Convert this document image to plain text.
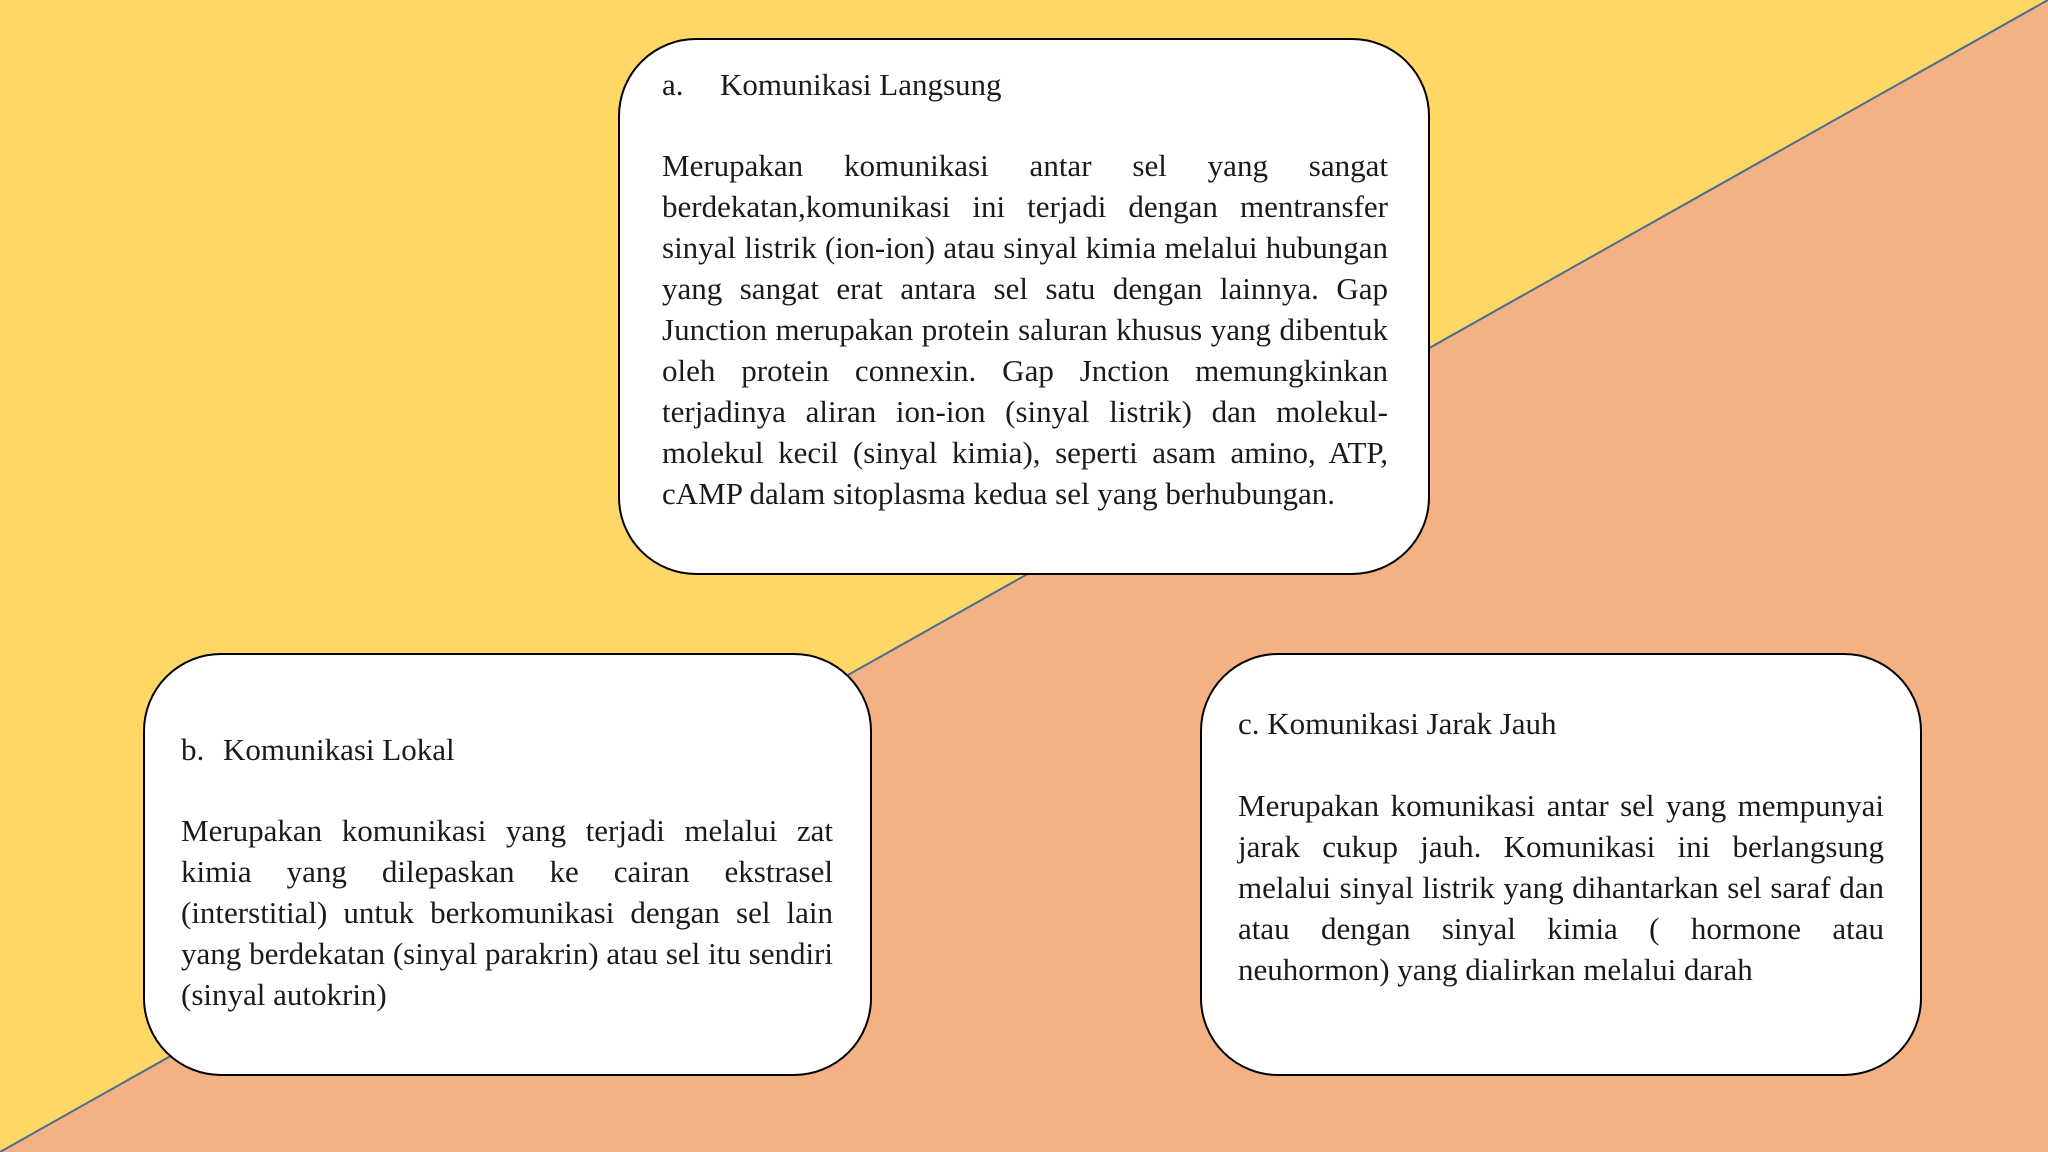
a. Komunikasi Langsung

Merupakan komunikasi antar sel yang sangat berdekatan,komunikasi ini terjadi dengan mentransfer sinyal listrik (ion-ion) atau sinyal kimia melalui hubungan yang sangat erat antara sel satu dengan lainnya. Gap Junction merupakan protein saluran khusus yang dibentuk oleh protein connexin. Gap Jnction memungkinkan terjadinya aliran ion-ion (sinyal listrik) dan molekul-molekul kecil (sinyal kimia), seperti asam amino, ATP, cAMP dalam sitoplasma kedua sel yang berhubungan.

b. Komunikasi Lokal

Merupakan komunikasi yang terjadi melalui zat kimia yang dilepaskan ke cairan ekstrasel (interstitial) untuk berkomunikasi dengan sel lain yang berdekatan (sinyal parakrin) atau sel itu sendiri (sinyal autokrin)

c. Komunikasi Jarak Jauh

Merupakan komunikasi antar sel yang mempunyai jarak cukup jauh. Komunikasi ini berlangsung melalui sinyal listrik yang dihantarkan sel saraf dan atau dengan sinyal kimia ( hormone atau neuhormon) yang dialirkan melalui darah
